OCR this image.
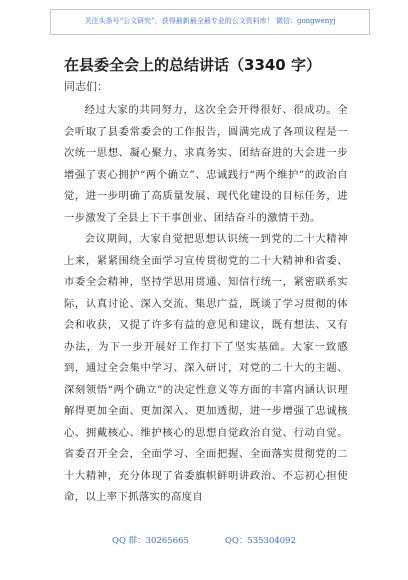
关注头条号“公文研究”，获得最新最全最专业的公文资料库！ 微信：gongwenyj
在县委全会上的总结讲话（3340 字）
同志们：

经过大家的共同努力，这次全会开得很好、很成功。全会听取了县委常委会的工作报告，圆满完成了各项议程是一次统一思想、凝心聚力、求真务实、团结奋进的大会进一步增强了衷心拥护“两个确立”、忠诚践行“两个维护”的政治自觉，进一步明确了高质量发展、现代化建设的目标任务，进一步激发了全县上下干事创业、团结奋斗的激情干劲。

会议期间，大家自觉把思想认识统一到党的二十大精神上来，紧紧围绕全面学习宣传贯彻党的二十大精神和省委、市委全会精神，坚持学思用贯通、知信行统一，紧密联系实际，认真讨论、深入交流、集思广益，既谈了学习贯彻的体会和收获，又提了许多有益的意见和建议，既有想法、又有办法，为下一步开展好工作打下了坚实基础。大家一致感到，通过全会集中学习、深入研讨，对党的二十大的主题、深刻领悟“两个确立”的决定性意义等方面的丰富内涵认识理解得更加全面、更加深入、更加透彻，进一步增强了忠诚核心、拥戴核心、维护核心的思想自觉政治自觉、行动自觉。省委召开全会，全面学习、全面把握、全面落实贯彻党的二十大精神，充分体现了省委旗帜鲜明讲政治、不忘初心担使命，以上率下抓落实的高度自

QQ 群：30265665	QQ：535304092
